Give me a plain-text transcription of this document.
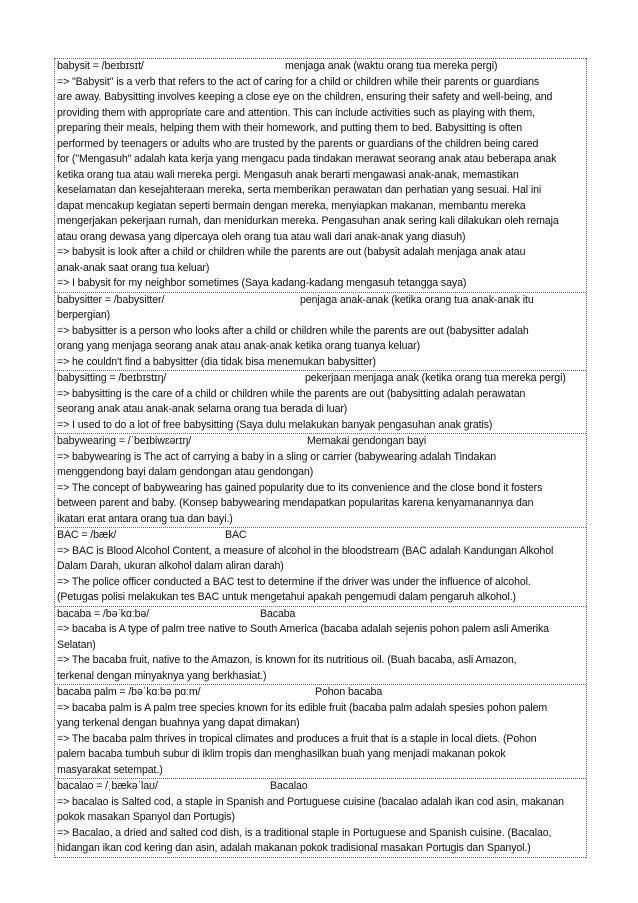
babysit = /beɪbɪsɪt/	menjaga anak (waktu orang tua mereka pergi)
=> "Babysit" is a verb that refers to the act of caring for a child or children while their parents or guardians
are away. Babysitting involves keeping a close eye on the children, ensuring their safety and well-being, and
providing them with appropriate care and attention. This can include activities such as playing with them,
preparing their meals, helping them with their homework, and putting them to bed. Babysitting is often
performed by teenagers or adults who are trusted by the parents or guardians of the children being cared
for ("Mengasuh" adalah kata kerja yang mengacu pada tindakan merawat seorang anak atau beberapa anak
ketika orang tua atau wali mereka pergi. Mengasuh anak berarti mengawasi anak-anak, memastikan
keselamatan dan kesejahteraan mereka, serta memberikan perawatan dan perhatian yang sesuai. Hal ini
dapat mencakup kegiatan seperti bermain dengan mereka, menyiapkan makanan, membantu mereka
mengerjakan pekerjaan rumah, dan menidurkan mereka. Pengasuhan anak sering kali dilakukan oleh remaja
atau orang dewasa yang dipercaya oleh orang tua atau wali dari anak-anak yang diasuh)
=> babysit is look after a child or children while the parents are out (babysit adalah menjaga anak atau
anak-anak saat orang tua keluar)
=> I babysit for my neighbor sometimes (Saya kadang-kadang mengasuh tetangga saya)
babysitter = /babysitter/	penjaga anak-anak (ketika orang tua anak-anak itu
berpergian)
=> babysitter is a person who looks after a child or children while the parents are out (babysitter adalah
orang yang menjaga seorang anak atau anak-anak ketika orang tuanya keluar)
=> he couldn't find a babysitter (dia tidak bisa menemukan babysitter)
babysitting = /beɪbɪstɪŋ/	pekerjaan menjaga anak (ketika orang tua mereka pergi)
=> babysitting is the care of a child or children while the parents are out (babysitting adalah perawatan
seorang anak atau anak-anak selama orang tua berada di luar)
=> I used to do a lot of free babysitting (Saya dulu melakukan banyak pengasuhan anak gratis)
babywearing = /ˈbeɪbiwɛərɪŋ/	Memakai gendongan bayi
=> babywearing is The act of carrying a baby in a sling or carrier (babywearing adalah Tindakan
menggendong bayi dalam gendongan atau gendongan)
=> The concept of babywearing has gained popularity due to its convenience and the close bond it fosters
between parent and baby. (Konsep babywearing mendapatkan popularitas karena kenyamanannya dan
ikatan erat antara orang tua dan bayi.)
BAC = /bæk/	BAC
=> BAC is Blood Alcohol Content, a measure of alcohol in the bloodstream (BAC adalah Kandungan Alkohol
Dalam Darah, ukuran alkohol dalam aliran darah)
=> The police officer conducted a BAC test to determine if the driver was under the influence of alcohol.
(Petugas polisi melakukan tes BAC untuk mengetahui apakah pengemudi dalam pengaruh alkohol.)
bacaba = /bəˈkɑːbə/	Bacaba
=> bacaba is A type of palm tree native to South America (bacaba adalah sejenis pohon palem asli Amerika
Selatan)
=> The bacaba fruit, native to the Amazon, is known for its nutritious oil. (Buah bacaba, asli Amazon,
terkenal dengan minyaknya yang berkhasiat.)
bacaba palm = /bəˈkɑːbə pɑːm/	Pohon bacaba
=> bacaba palm is A palm tree species known for its edible fruit (bacaba palm adalah spesies pohon palem
yang terkenal dengan buahnya yang dapat dimakan)
=> The bacaba palm thrives in tropical climates and produces a fruit that is a staple in local diets. (Pohon
palem bacaba tumbuh subur di iklim tropis dan menghasilkan buah yang menjadi makanan pokok
masyarakat setempat.)
bacalao = /ˌbækəˈlaʊ/	Bacalao
=> bacalao is Salted cod, a staple in Spanish and Portuguese cuisine (bacalao adalah ikan cod asin, makanan
pokok masakan Spanyol dan Portugis)
=> Bacalao, a dried and salted cod dish, is a traditional staple in Portuguese and Spanish cuisine. (Bacalao,
hidangan ikan cod kering dan asin, adalah makanan pokok tradisional masakan Portugis dan Spanyol.)
